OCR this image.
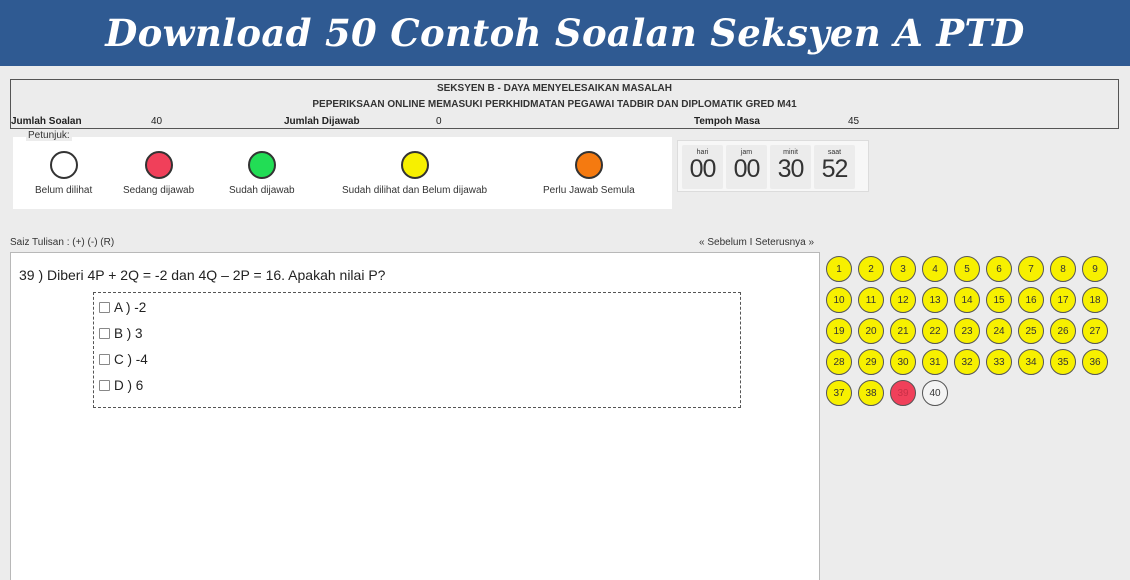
Download 50 Contoh Soalan Seksyen A PTD
SEKSYEN B - DAYA MENYELESAIKAN MASALAH
PEPERIKSAAN ONLINE MEMASUKI PERKHIDMATAN PEGAWAI TADBIR DAN DIPLOMATIK GRED M41
Jumlah Soalan	40	Jumlah Dijawab	0	Tempoh Masa	45
Petunjuk:
Belum dilihat	Sedang dijawab	Sudah dijawab	Sudah dilihat dan Belum dijawab	Perlu Jawab Semula
hari
00
jam
00
minit
30
saat
52
Saiz Tulisan : (+) (-) (R)	« Sebelum I Seterusnya »
39 ) Diberi 4P + 2Q = -2 dan 4Q – 2P = 16. Apakah nilai P?
A ) -2
B ) 3
C ) -4
D ) 6
1	2	3	4	5	6	7	8	9
10	11	12	13	14	15	16	17	18
19	20	21	22	23	24	25	26	27
28	29	30	31	32	33	34	35	36
37	38	39	40
